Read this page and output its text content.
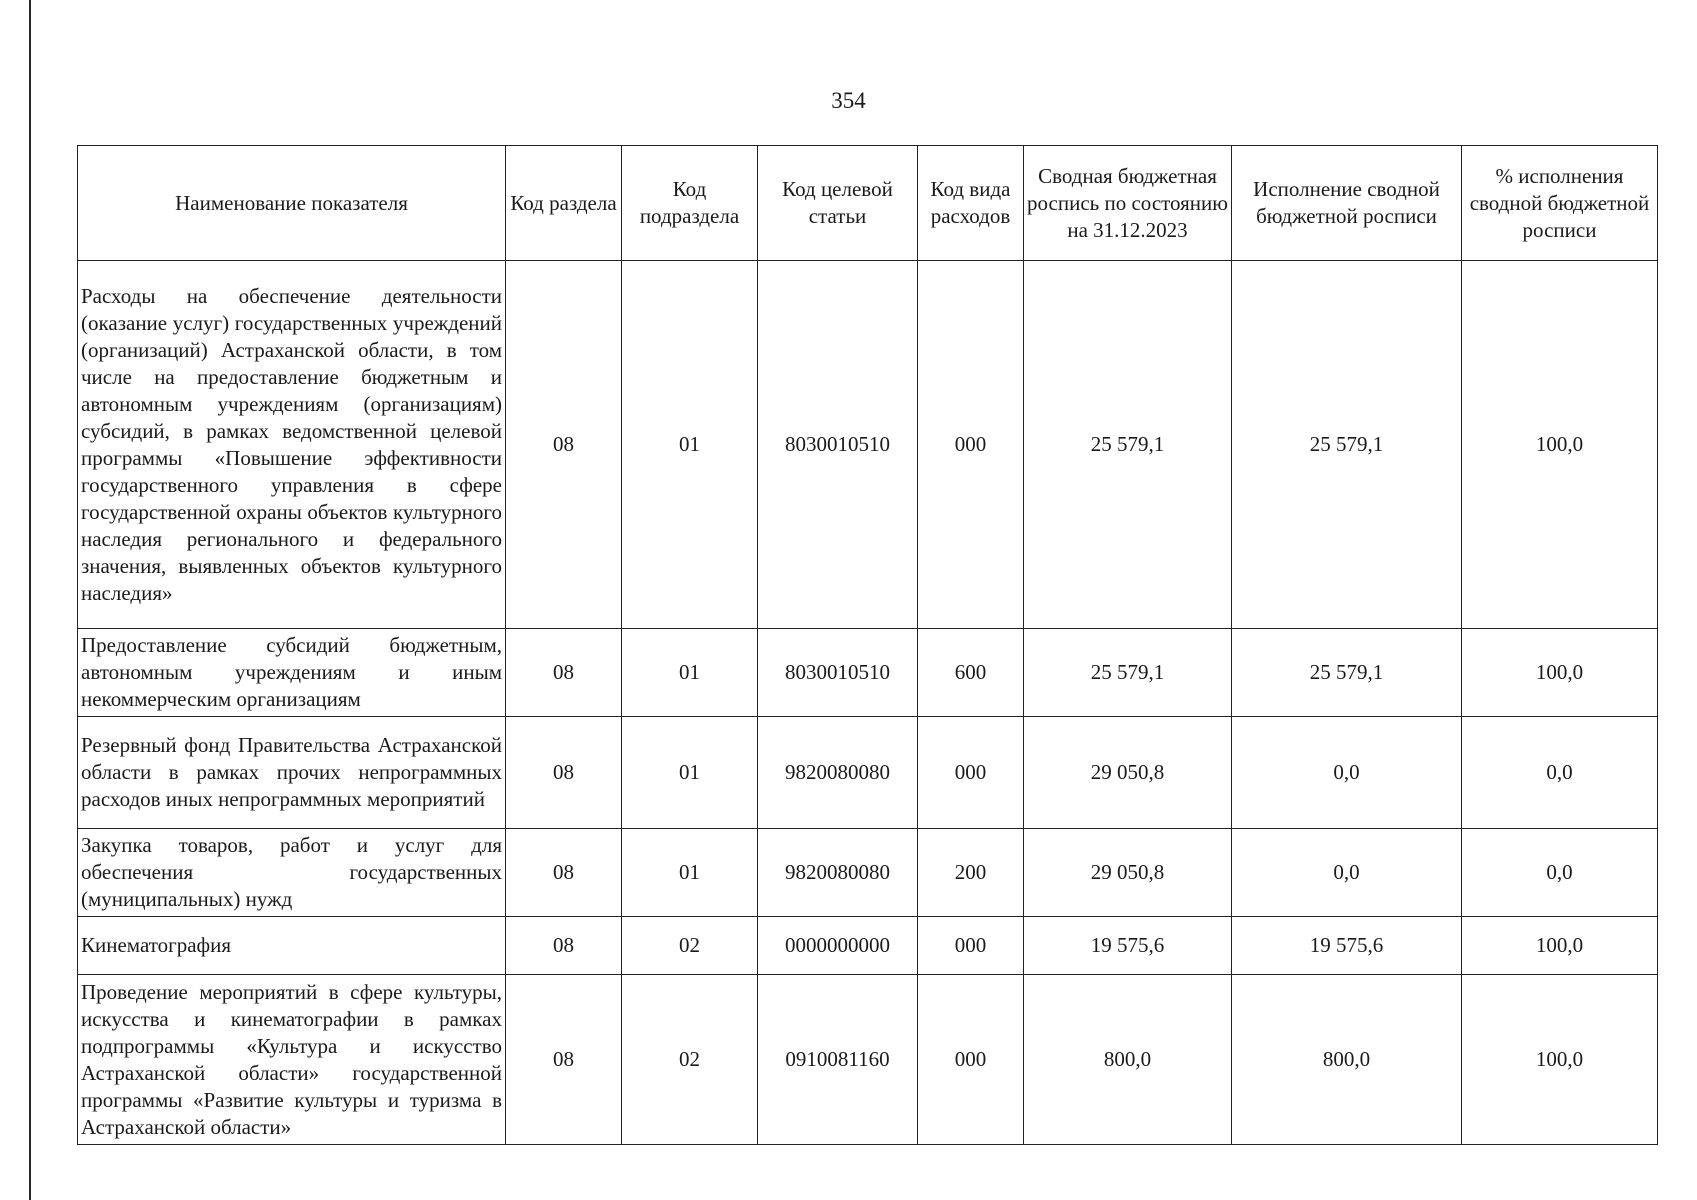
354
Наименование показателя	Код раздела	Код подраздела	Код целевой статьи	Код вида расходов	Сводная бюджетная роспись по состоянию на 31.12.2023	Исполнение сводной бюджетной росписи	% исполнения сводной бюджетной росписи
Расходы на обеспечение деятельности (оказание услуг) государственных учреждений (организаций) Астраханской области, в том числе на предоставление бюджетным и автономным учреждениям (организациям) субсидий, в рамках ведомственной целевой программы «Повышение эффективности государственного управления в сфере государственной охраны объектов культурного наследия регионального и федерального значения, выявленных объектов культурного наследия»	08	01	8030010510	000	25 579,1	25 579,1	100,0
Предоставление субсидий бюджетным, автономным учреждениям и иным некоммерческим организациям	08	01	8030010510	600	25 579,1	25 579,1	100,0
Резервный фонд Правительства Астраханской области в рамках прочих непрограммных расходов иных непрограммных мероприятий	08	01	9820080080	000	29 050,8	0,0	0,0
Закупка товаров, работ и услуг для обеспечения государственных (муниципальных) нужд	08	01	9820080080	200	29 050,8	0,0	0,0
Кинематография	08	02	0000000000	000	19 575,6	19 575,6	100,0
Проведение мероприятий в сфере культуры, искусства и кинематографии в рамках подпрограммы «Культура и искусство Астраханской области» государственной программы «Развитие культуры и туризма в Астраханской области»	08	02	0910081160	000	800,0	800,0	100,0
